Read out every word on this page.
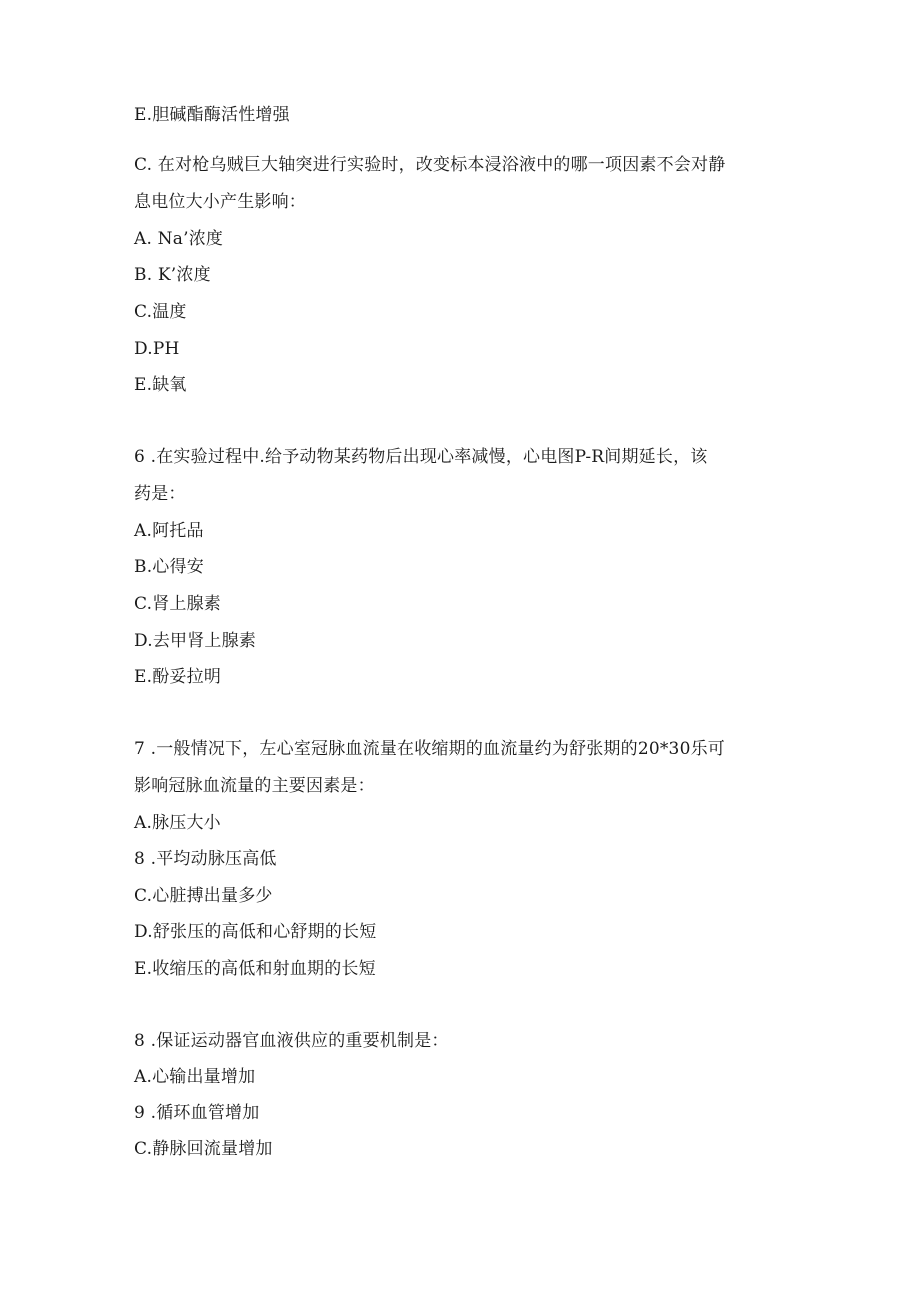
E.胆碱酯酶活性增强
C. 在对枪乌贼巨大轴突进行实验时，改变标本浸浴液中的哪一项因素不会对静
息电位大小产生影响：
A. Na’浓度
B. K’浓度
C.温度
D.PH
E.缺氧
6 .在实验过程中.给予动物某药物后出现心率减慢，心电图P-R间期延长，该
药是：
A.阿托品
B.心得安
C.肾上腺素
D.去甲肾上腺素
E.酚妥拉明
7 .一般情况下，左心室冠脉血流量在收缩期的血流量约为舒张期的20*30乐可
影响冠脉血流量的主要因素是：
A.脉压大小
8 .平均动脉压高低
C.心脏搏出量多少
D.舒张压的高低和心舒期的长短
E.收缩压的高低和射血期的长短
8 .保证运动器官血液供应的重要机制是：
A.心输出量增加
9 .循环血管增加
C.静脉回流量增加
